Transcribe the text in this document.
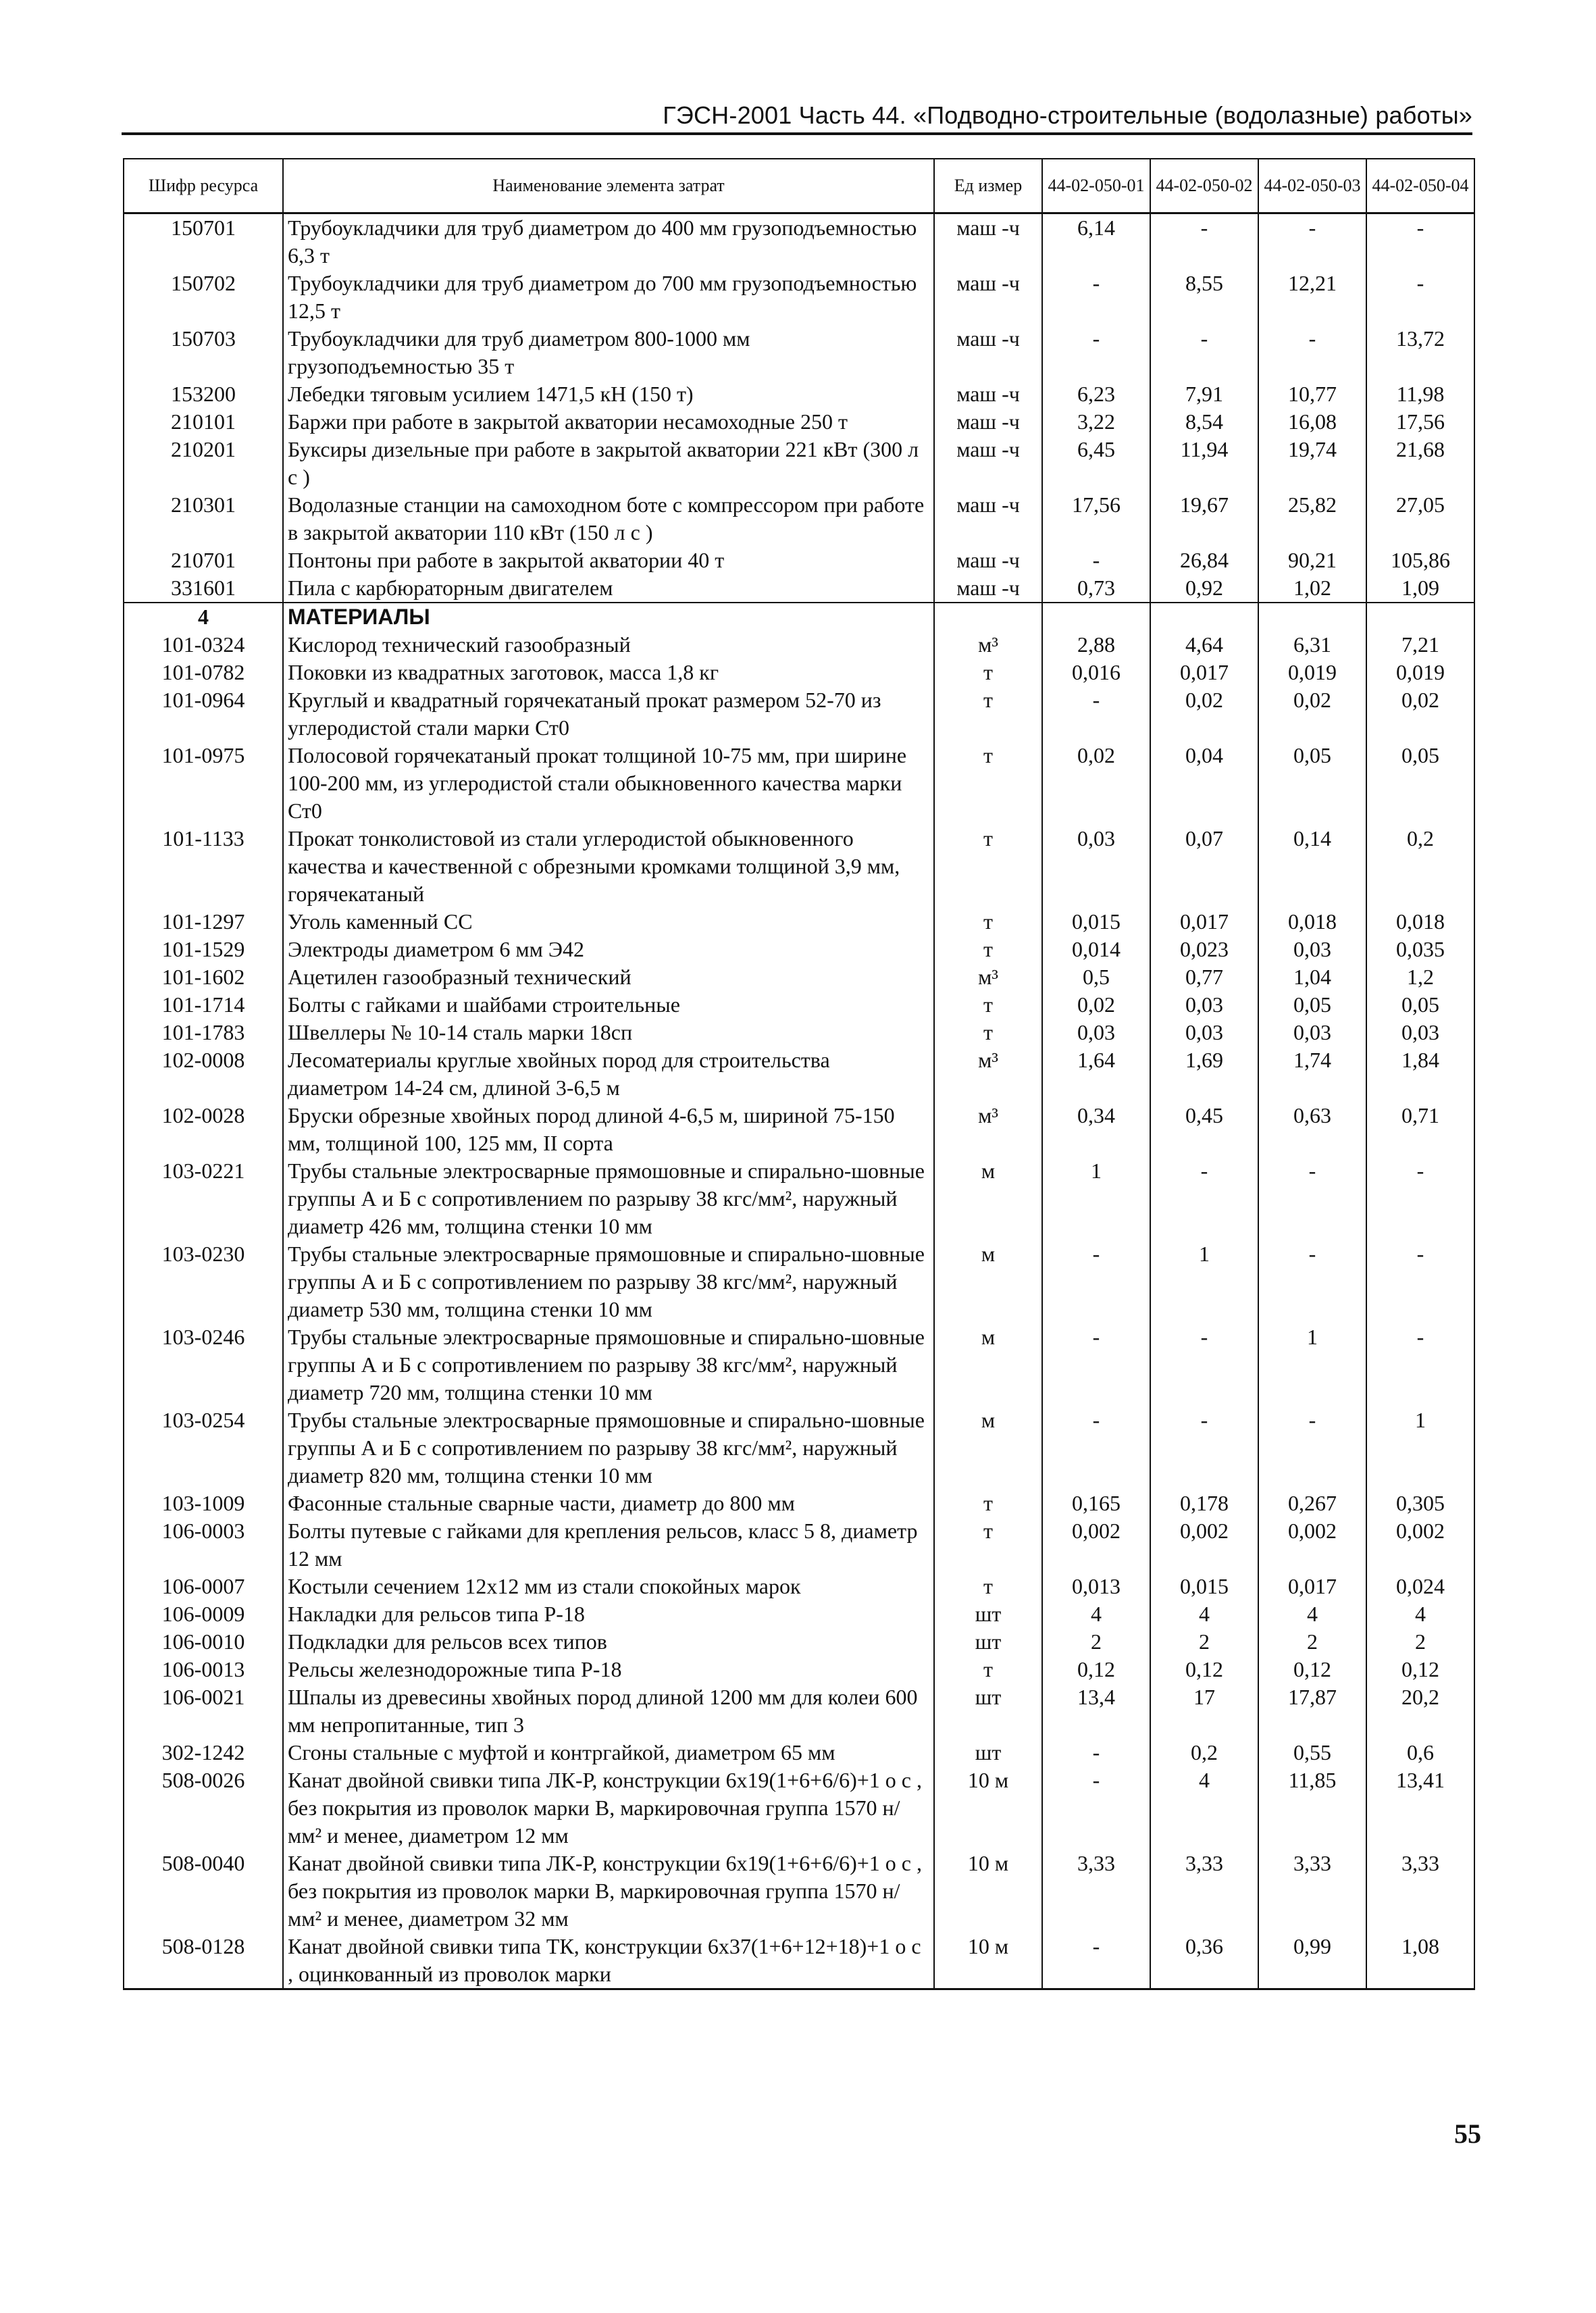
ГЭСН-2001 Часть 44. «Подводно-строительные (водолазные) работы»
Шифр ресурса	Наименование элемента затрат	Ед измер	44-02-050-01	44-02-050-02	44-02-050-03	44-02-050-04
150701	Трубоукладчики для труб диаметром до 400 мм грузоподъемностью 6,3 т	маш -ч	6,14	-	-	-
150702	Трубоукладчики для труб диаметром до 700 мм грузоподъемностью 12,5 т	маш -ч	-	8,55	12,21	-
150703	Трубоукладчики для труб диаметром 800-1000 мм грузоподъемностью 35 т	маш -ч	-	-	-	13,72
153200	Лебедки тяговым усилием 1471,5 кН (150 т)	маш -ч	6,23	7,91	10,77	11,98
210101	Баржи при работе в закрытой акватории несамоходные 250 т	маш -ч	3,22	8,54	16,08	17,56
210201	Буксиры дизельные при работе в закрытой акватории 221 кВт (300 л с )	маш -ч	6,45	11,94	19,74	21,68
210301	Водолазные станции на самоходном боте с компрессором при работе в закрытой акватории 110 кВт (150 л с )	маш -ч	17,56	19,67	25,82	27,05
210701	Понтоны при работе в закрытой акватории 40 т	маш -ч	-	26,84	90,21	105,86
331601	Пила с карбюраторным двигателем	маш -ч	0,73	0,92	1,02	1,09
4	МАТЕРИАЛЫ					
101-0324	Кислород технический газообразный	м³	2,88	4,64	6,31	7,21
101-0782	Поковки из квадратных заготовок, масса 1,8 кг	т	0,016	0,017	0,019	0,019
101-0964	Круглый и квадратный горячекатаный прокат размером 52-70 из углеродистой стали марки Ст0	т	-	0,02	0,02	0,02
101-0975	Полосовой горячекатаный прокат толщиной 10-75 мм, при ширине 100-200 мм, из углеродистой стали обыкновенного качества марки Ст0	т	0,02	0,04	0,05	0,05
101-1133	Прокат тонколистовой из стали углеродистой обыкновенного качества и качественной с обрезными кромками толщиной 3,9 мм, горячекатаный	т	0,03	0,07	0,14	0,2
101-1297	Уголь каменный СС	т	0,015	0,017	0,018	0,018
101-1529	Электроды диаметром 6 мм Э42	т	0,014	0,023	0,03	0,035
101-1602	Ацетилен газообразный технический	м³	0,5	0,77	1,04	1,2
101-1714	Болты с гайками и шайбами строительные	т	0,02	0,03	0,05	0,05
101-1783	Швеллеры № 10-14 сталь марки 18сп	т	0,03	0,03	0,03	0,03
102-0008	Лесоматериалы круглые хвойных пород для строительства диаметром 14-24 см, длиной 3-6,5 м	м³	1,64	1,69	1,74	1,84
102-0028	Бруски обрезные хвойных пород длиной 4-6,5 м, шириной 75-150 мм, толщиной 100, 125 мм, II сорта	м³	0,34	0,45	0,63	0,71
103-0221	Трубы стальные электросварные прямошовные и спирально-шовные группы А и Б с сопротивлением по разрыву 38 кгс/мм², наружный диаметр 426 мм, толщина стенки 10 мм	м	1	-	-	-
103-0230	Трубы стальные электросварные прямошовные и спирально-шовные группы А и Б с сопротивлением по разрыву 38 кгс/мм², наружный диаметр 530 мм, толщина стенки 10 мм	м	-	1	-	-
103-0246	Трубы стальные электросварные прямошовные и спирально-шовные группы А и Б с сопротивлением по разрыву 38 кгс/мм², наружный диаметр 720 мм, толщина стенки 10 мм	м	-	-	1	-
103-0254	Трубы стальные электросварные прямошовные и спирально-шовные группы А и Б с сопротивлением по разрыву 38 кгс/мм², наружный диаметр 820 мм, толщина стенки 10 мм	м	-	-	-	1
103-1009	Фасонные стальные сварные части, диаметр до 800 мм	т	0,165	0,178	0,267	0,305
106-0003	Болты путевые с гайками для крепления рельсов, класс 5 8, диаметр 12 мм	т	0,002	0,002	0,002	0,002
106-0007	Костыли сечением 12х12 мм из стали спокойных марок	т	0,013	0,015	0,017	0,024
106-0009	Накладки для рельсов типа Р-18	шт	4	4	4	4
106-0010	Подкладки для рельсов всех типов	шт	2	2	2	2
106-0013	Рельсы железнодорожные типа Р-18	т	0,12	0,12	0,12	0,12
106-0021	Шпалы из древесины хвойных пород длиной 1200 мм для колеи 600 мм непропитанные, тип 3	шт	13,4	17	17,87	20,2
302-1242	Сгоны стальные с муфтой и контргайкой, диаметром 65 мм	шт	-	0,2	0,55	0,6
508-0026	Канат двойной свивки типа ЛК-Р, конструкции 6х19(1+6+6/6)+1 о с , без покрытия из проволок марки В, маркировочная группа 1570 н/мм² и менее, диаметром 12 мм	10 м	-	4	11,85	13,41
508-0040	Канат двойной свивки типа ЛК-Р, конструкции 6х19(1+6+6/6)+1 о с , без покрытия из проволок марки В, маркировочная группа 1570 н/мм² и менее, диаметром 32 мм	10 м	3,33	3,33	3,33	3,33
508-0128	Канат двойной свивки типа ТК, конструкции 6х37(1+6+12+18)+1 о с , оцинкованный из проволок марки	10 м	-	0,36	0,99	1,08
55
